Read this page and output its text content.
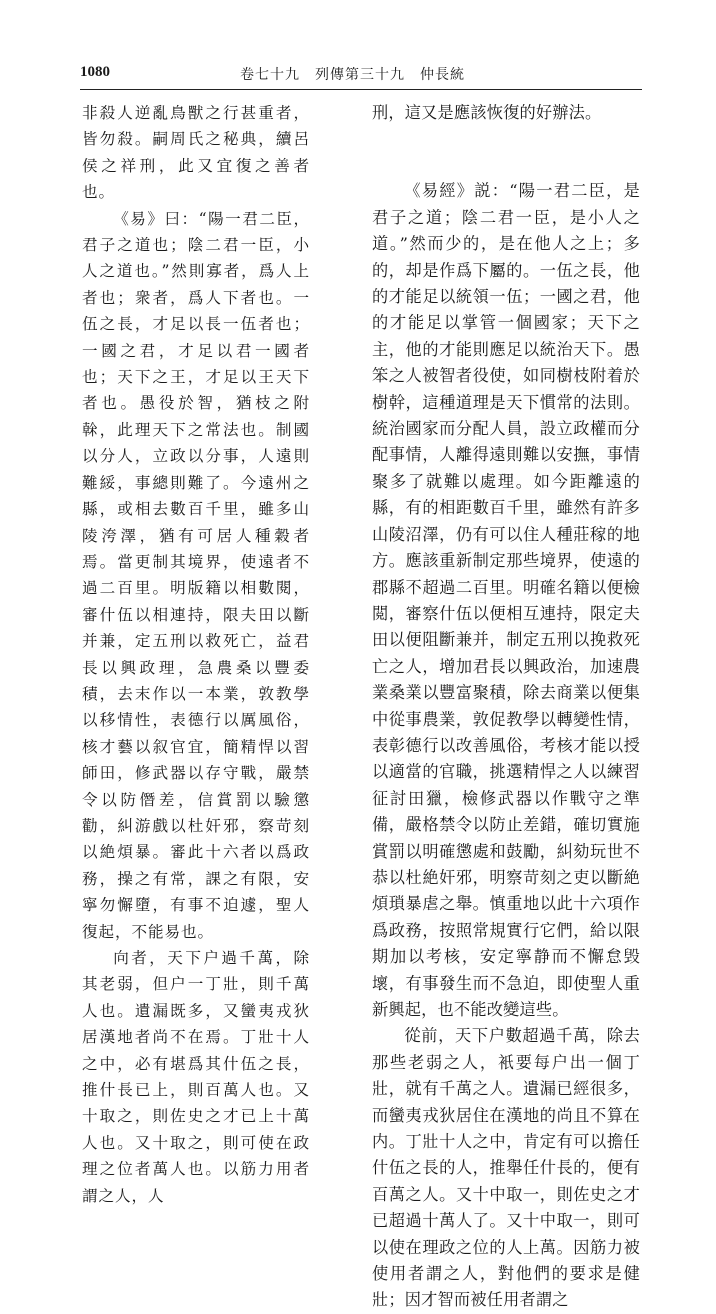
1080	卷七十九　列傳第三十九　仲長統

非殺人逆亂鳥獸之行甚重者，皆勿殺。嗣周氏之秘典，續呂侯之祥刑，此又宜復之善者也。

《易》曰：“陽一君二臣，君子之道也；陰二君一臣，小人之道也。”然則寡者，爲人上者也；衆者，爲人下者也。一伍之長，才足以長一伍者也；一國之君，才足以君一國者也；天下之王，才足以王天下者也。愚役於智，猶枝之附榦，此理天下之常法也。制國以分人，立政以分事，人遠則難綏，事總則難了。今遠州之縣，或相去數百千里，雖多山陵洿澤，猶有可居人種穀者焉。當更制其境界，使遠者不過二百里。明版籍以相數閱，審什伍以相連持，限夫田以斷并兼，定五刑以救死亡，益君長以興政理，急農桑以豐委積，去末作以一本業，敦教學以移情性，表德行以厲風俗，核才藝以叙官宜，簡精悍以習師田，修武器以存守戰，嚴禁令以防僭差，信賞罰以驗懲勸，糾游戲以杜奸邪，察苛刻以絶煩暴。審此十六者以爲政務，操之有常，課之有限，安寧勿懈墮，有事不迫遽，聖人復起，不能易也。

向者，天下户過千萬，除其老弱，但户一丁壯，則千萬人也。遺漏既多，又蠻夷戎狄居漢地者尚不在焉。丁壯十人之中，必有堪爲其什伍之長，推什長已上，則百萬人也。又十取之，則佐史之才已上十萬人也。又十取之，則可使在政理之位者萬人也。以筋力用者謂之人，人

刑，這又是應該恢復的好辦法。

《易經》説：“陽一君二臣，是君子之道；陰二君一臣，是小人之道。”然而少的，是在他人之上；多的，却是作爲下屬的。一伍之長，他的才能足以統領一伍；一國之君，他的才能足以掌管一個國家；天下之主，他的才能則應足以統治天下。愚笨之人被智者役使，如同樹枝附着於樹幹，這種道理是天下慣常的法則。統治國家而分配人員，設立政權而分配事情，人離得遠則難以安撫，事情聚多了就難以處理。如今距離遠的縣，有的相距數百千里，雖然有許多山陵沼澤，仍有可以住人種莊稼的地方。應該重新制定那些境界，使遠的郡縣不超過二百里。明確名籍以便檢閲，審察什伍以便相互連持，限定夫田以便阻斷兼并，制定五刑以挽救死亡之人，增加君長以興政治，加速農業桑業以豐富聚積，除去商業以便集中從事農業，敦促教學以轉變性情，表彰德行以改善風俗，考核才能以授以適當的官職，挑選精悍之人以練習征討田獵，檢修武器以作戰守之準備，嚴格禁令以防止差錯，確切實施賞罰以明確懲處和鼓勵，糾劾玩世不恭以杜絶奸邪，明察苛刻之吏以斷絶煩瑣暴虐之舉。慎重地以此十六項作爲政務，按照常規實行它們，給以限期加以考核，安定寧静而不懈怠毁壞，有事發生而不急迫，即使聖人重新興起，也不能改變這些。

從前，天下户數超過千萬，除去那些老弱之人，衹要每户出一個丁壯，就有千萬之人。遺漏已經很多，而蠻夷戎狄居住在漢地的尚且不算在内。丁壯十人之中，肯定有可以擔任什伍之長的人，推舉任什長的，便有百萬之人。又十中取一，則佐史之才已超過十萬人了。又十中取一，則可以使在理政之位的人上萬。因筋力被使用者謂之人，對他們的要求是健壯；因才智而被任用者謂之
